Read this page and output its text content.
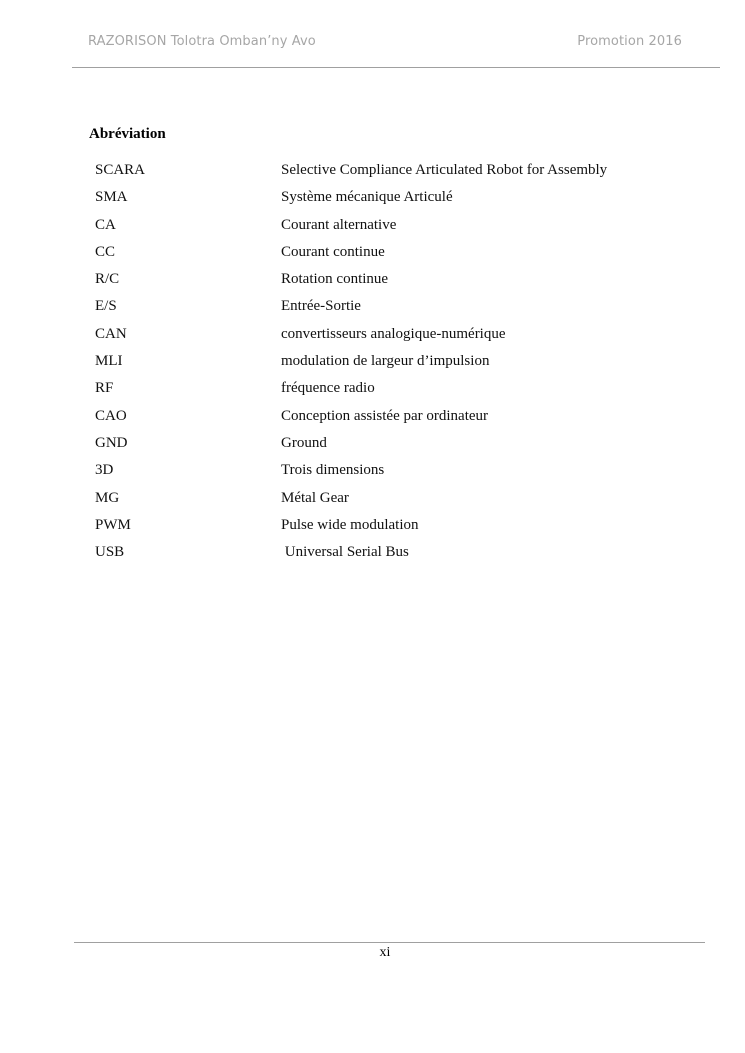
RAZORISON Tolotra Omban’ny Avo	Promotion 2016
Abréviation
SCARA	Selective Compliance Articulated Robot for Assembly
SMA	Système mécanique Articulé
CA	Courant alternative
CC	Courant continue
R/C	Rotation continue
E/S	Entrée-Sortie
CAN	convertisseurs analogique-numérique
MLI	modulation de largeur d’impulsion
RF	fréquence radio
CAO	Conception assistée par ordinateur
GND	Ground
3D	Trois dimensions
MG	Métal Gear
PWM	Pulse wide modulation
USB	Universal Serial Bus
xi
